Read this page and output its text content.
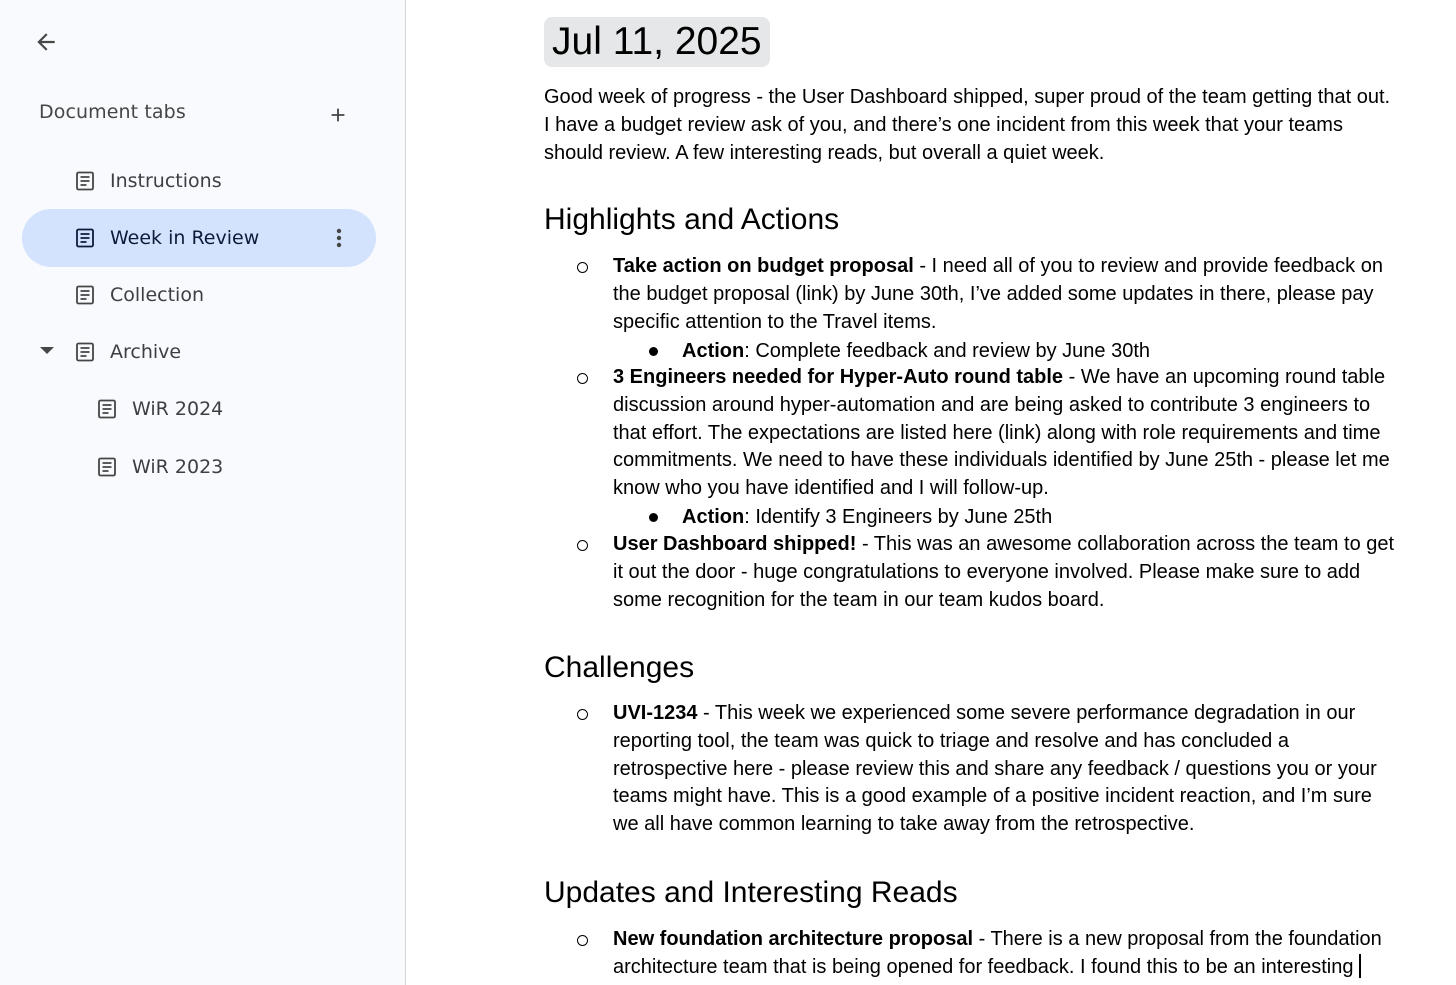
Document tabs
Instructions
Week in Review
Collection
Archive
WiR 2024
WiR 2023
Jul 11, 2025
Good week of progress - the User Dashboard shipped, super proud of the team getting that out.
I have a budget review ask of you, and there’s one incident from this week that your teams
should review. A few interesting reads, but overall a quiet week.
Highlights and Actions
Take action on budget proposal - I need all of you to review and provide feedback on
the budget proposal (link) by June 30th, I’ve added some updates in there, please pay
specific attention to the Travel items.
Action: Complete feedback and review by June 30th
3 Engineers needed for Hyper-Auto round table - We have an upcoming round table
discussion around hyper-automation and are being asked to contribute 3 engineers to
that effort. The expectations are listed here (link) along with role requirements and time
commitments. We need to have these individuals identified by June 25th - please let me
know who you have identified and I will follow-up.
Action: Identify 3 Engineers by June 25th
User Dashboard shipped! - This was an awesome collaboration across the team to get
it out the door - huge congratulations to everyone involved. Please make sure to add
some recognition for the team in our team kudos board.
Challenges
UVI-1234 - This week we experienced some severe performance degradation in our
reporting tool, the team was quick to triage and resolve and has concluded a
retrospective here - please review this and share any feedback / questions you or your
teams might have. This is a good example of a positive incident reaction, and I’m sure
we all have common learning to take away from the retrospective.
Updates and Interesting Reads
New foundation architecture proposal - There is a new proposal from the foundation
architecture team that is being opened for feedback. I found this to be an interesting
